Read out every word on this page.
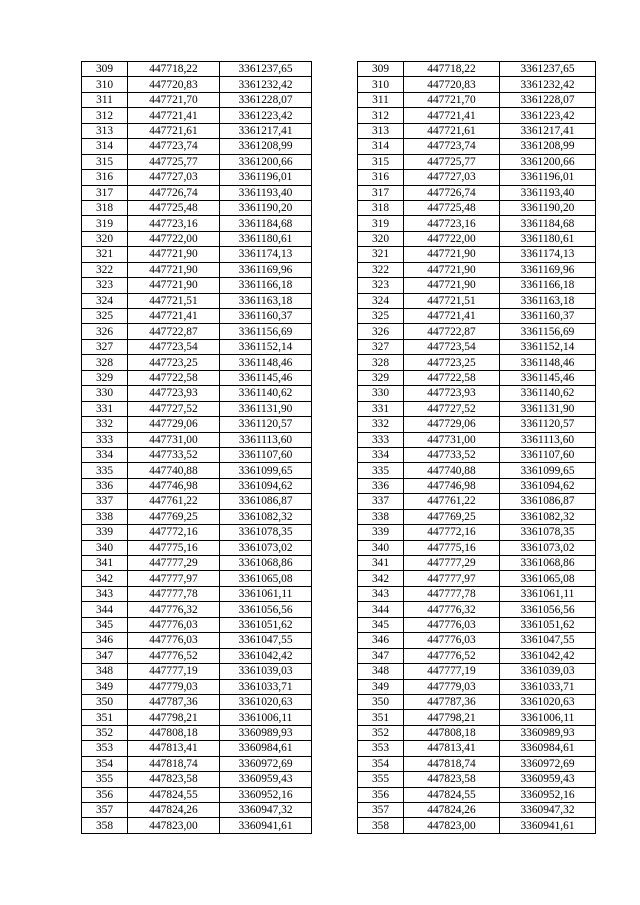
309	447718,22	3361237,65		309	447718,22	3361237,65
310	447720,83	3361232,42		310	447720,83	3361232,42
311	447721,70	3361228,07		311	447721,70	3361228,07
312	447721,41	3361223,42		312	447721,41	3361223,42
313	447721,61	3361217,41		313	447721,61	3361217,41
314	447723,74	3361208,99		314	447723,74	3361208,99
315	447725,77	3361200,66		315	447725,77	3361200,66
316	447727,03	3361196,01		316	447727,03	3361196,01
317	447726,74	3361193,40		317	447726,74	3361193,40
318	447725,48	3361190,20		318	447725,48	3361190,20
319	447723,16	3361184,68		319	447723,16	3361184,68
320	447722,00	3361180,61		320	447722,00	3361180,61
321	447721,90	3361174,13		321	447721,90	3361174,13
322	447721,90	3361169,96		322	447721,90	3361169,96
323	447721,90	3361166,18		323	447721,90	3361166,18
324	447721,51	3361163,18		324	447721,51	3361163,18
325	447721,41	3361160,37		325	447721,41	3361160,37
326	447722,87	3361156,69		326	447722,87	3361156,69
327	447723,54	3361152,14		327	447723,54	3361152,14
328	447723,25	3361148,46		328	447723,25	3361148,46
329	447722,58	3361145,46		329	447722,58	3361145,46
330	447723,93	3361140,62		330	447723,93	3361140,62
331	447727,52	3361131,90		331	447727,52	3361131,90
332	447729,06	3361120,57		332	447729,06	3361120,57
333	447731,00	3361113,60		333	447731,00	3361113,60
334	447733,52	3361107,60		334	447733,52	3361107,60
335	447740,88	3361099,65		335	447740,88	3361099,65
336	447746,98	3361094,62		336	447746,98	3361094,62
337	447761,22	3361086,87		337	447761,22	3361086,87
338	447769,25	3361082,32		338	447769,25	3361082,32
339	447772,16	3361078,35		339	447772,16	3361078,35
340	447775,16	3361073,02		340	447775,16	3361073,02
341	447777,29	3361068,86		341	447777,29	3361068,86
342	447777,97	3361065,08		342	447777,97	3361065,08
343	447777,78	3361061,11		343	447777,78	3361061,11
344	447776,32	3361056,56		344	447776,32	3361056,56
345	447776,03	3361051,62		345	447776,03	3361051,62
346	447776,03	3361047,55		346	447776,03	3361047,55
347	447776,52	3361042,42		347	447776,52	3361042,42
348	447777,19	3361039,03		348	447777,19	3361039,03
349	447779,03	3361033,71		349	447779,03	3361033,71
350	447787,36	3361020,63		350	447787,36	3361020,63
351	447798,21	3361006,11		351	447798,21	3361006,11
352	447808,18	3360989,93		352	447808,18	3360989,93
353	447813,41	3360984,61		353	447813,41	3360984,61
354	447818,74	3360972,69		354	447818,74	3360972,69
355	447823,58	3360959,43		355	447823,58	3360959,43
356	447824,55	3360952,16		356	447824,55	3360952,16
357	447824,26	3360947,32		357	447824,26	3360947,32
358	447823,00	3360941,61		358	447823,00	3360941,61
